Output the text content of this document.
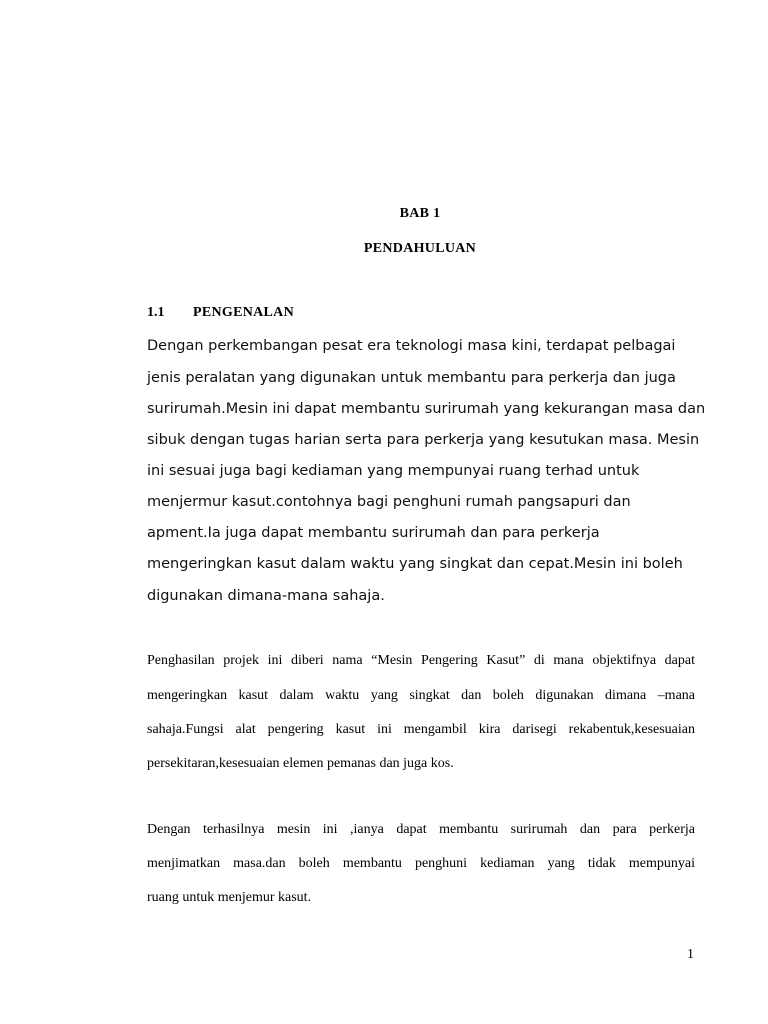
BAB 1
PENDAHULUAN
1.1 PENGENALAN
Dengan perkembangan pesat era teknologi masa kini, terdapat pelbagai
jenis peralatan yang digunakan untuk membantu para perkerja dan juga
surirumah.Mesin ini dapat membantu surirumah yang kekurangan masa dan
sibuk dengan tugas harian serta para perkerja yang kesutukan masa. Mesin
ini sesuai juga bagi kediaman yang mempunyai ruang terhad untuk
menjermur kasut.contohnya bagi penghuni rumah pangsapuri dan
apment.Ia juga dapat membantu surirumah dan para perkerja
mengeringkan kasut dalam waktu yang singkat dan cepat.Mesin ini boleh
digunakan dimana-mana sahaja.
Penghasilan projek ini diberi nama “Mesin Pengering Kasut” di mana objektifnya dapat
mengeringkan kasut dalam waktu yang singkat dan boleh digunakan dimana –mana
sahaja.Fungsi alat pengering kasut ini mengambil kira darisegi rekabentuk,kesesuaian
persekitaran,kesesuaian elemen pemanas dan juga kos.
Dengan terhasilnya mesin ini ,ianya dapat membantu surirumah dan para perkerja
menjimatkan masa.dan boleh membantu penghuni kediaman yang tidak mempunyai
ruang untuk menjemur kasut.
1
